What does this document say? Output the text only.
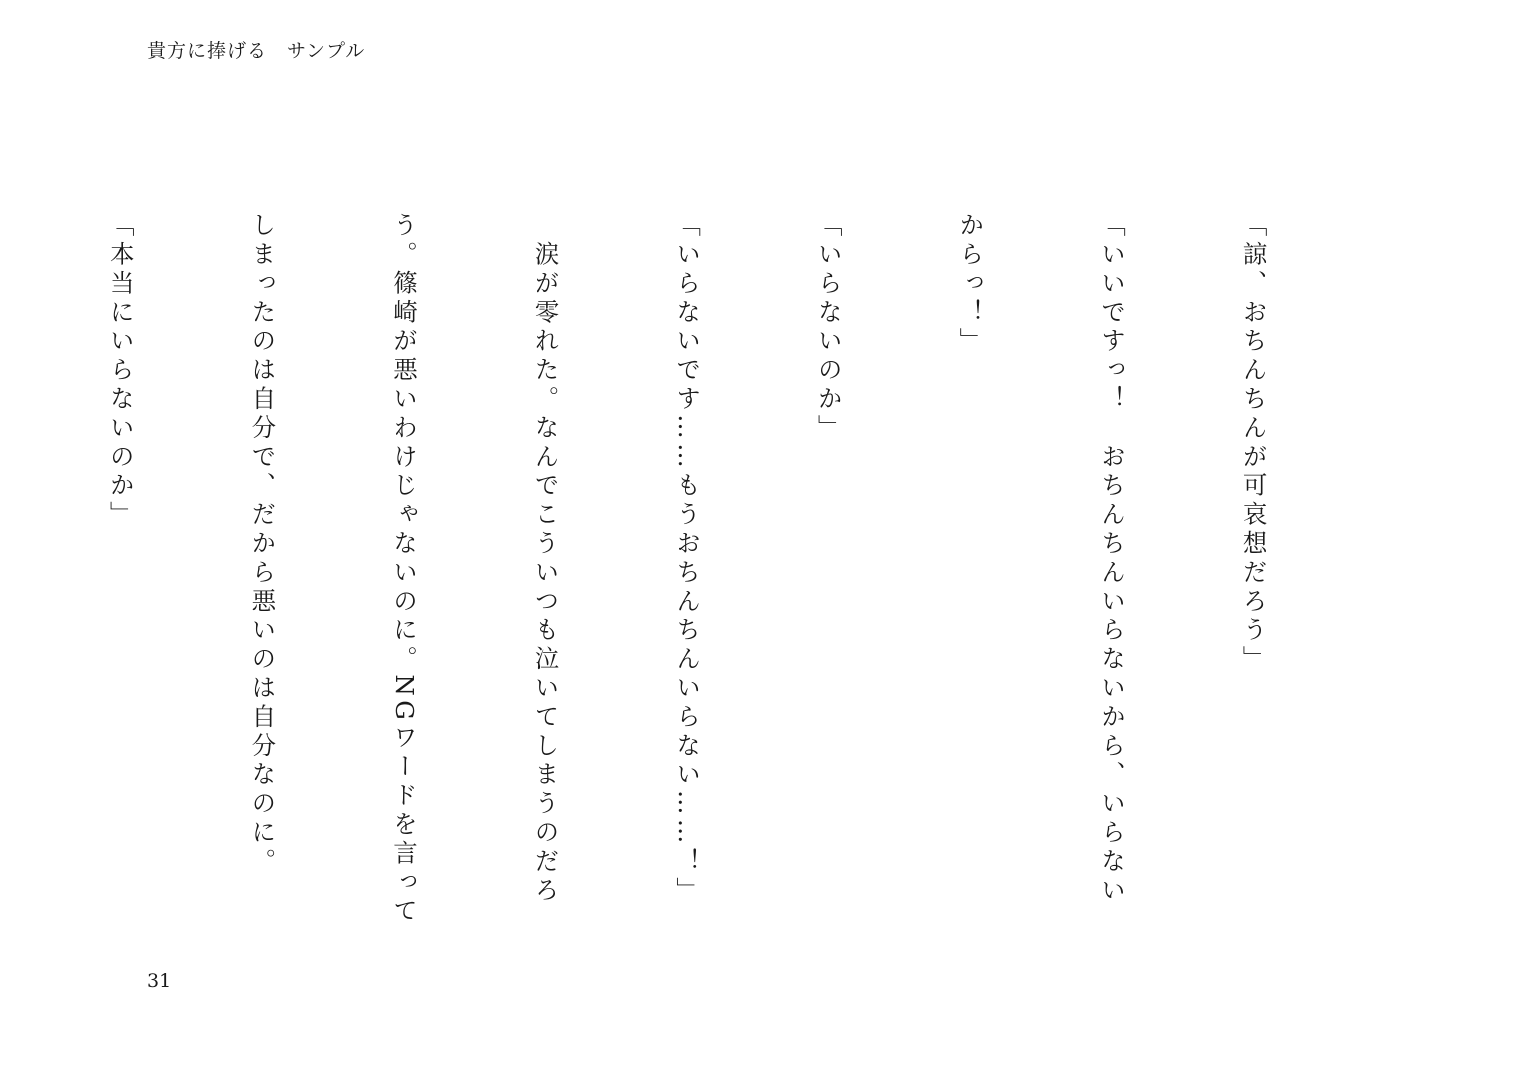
貴方に捧げる　サンプル

「諒、おちんちんが可哀想だろう」

「いいですっ！　おちんちんいらないから、いらない

からっ！」

「いらないのか」

「いらないです……もうおちんちんいらない……！」

　涙が零れた。なんでこういつも泣いてしまうのだろ

う。篠崎が悪いわけじゃないのに。NGワードを言って

しまったのは自分で、だから悪いのは自分なのに。

「本当にいらないのか」

31
